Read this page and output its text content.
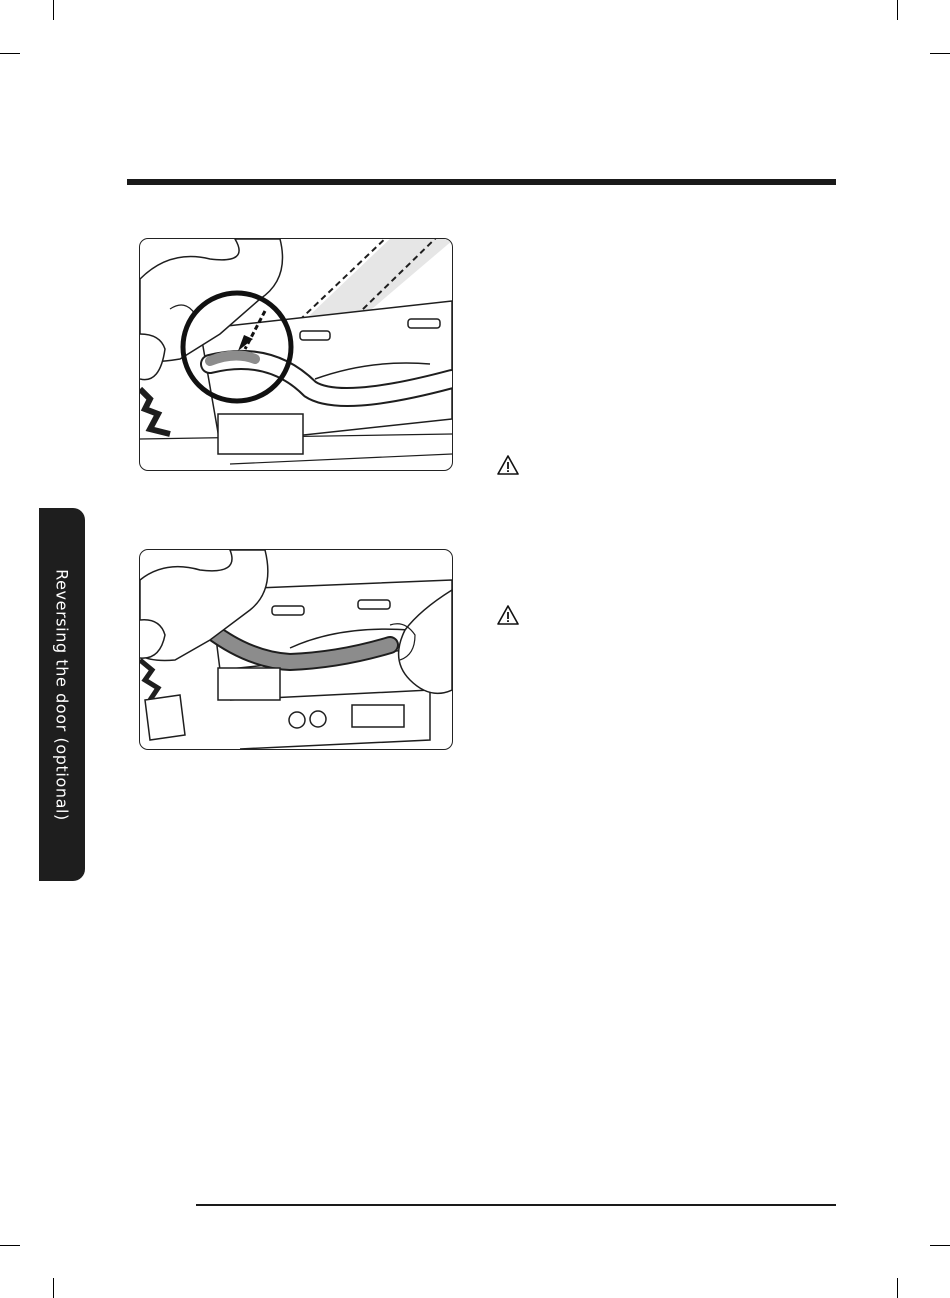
Reversing the door (optional)
